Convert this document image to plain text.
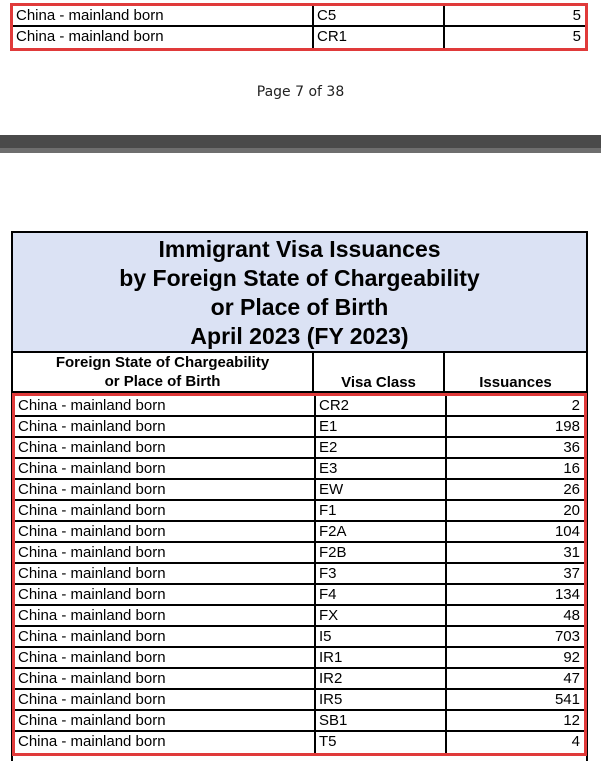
China - mainland born	C5	5
China - mainland born	CR1	5
Page 7 of 38
Immigrant Visa Issuances
by Foreign State of Chargeability
or Place of Birth
April 2023 (FY 2023)
Foreign State of Chargeability
or Place of Birth	Visa Class	Issuances
China - mainland born	CR2	2
China - mainland born	E1	198
China - mainland born	E2	36
China - mainland born	E3	16
China - mainland born	EW	26
China - mainland born	F1	20
China - mainland born	F2A	104
China - mainland born	F2B	31
China - mainland born	F3	37
China - mainland born	F4	134
China - mainland born	FX	48
China - mainland born	I5	703
China - mainland born	IR1	92
China - mainland born	IR2	47
China - mainland born	IR5	541
China - mainland born	SB1	12
China - mainland born	T5	4
